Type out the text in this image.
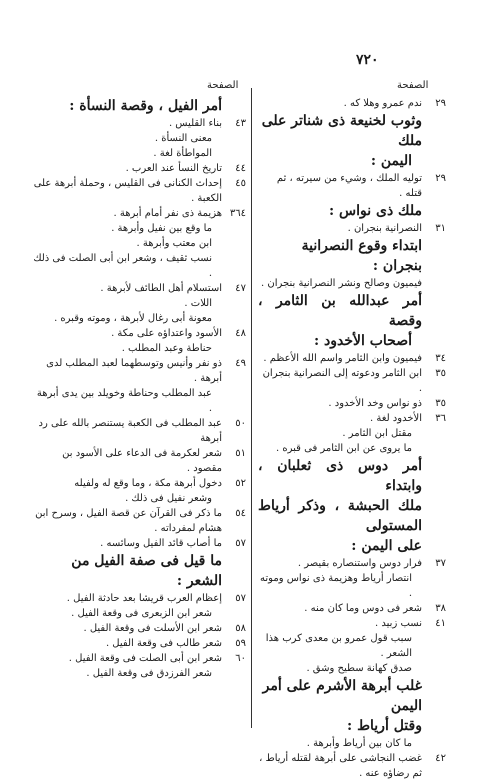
٧٢٠
الصفحة
الصفحة
٢٩
ندم عمرو وهلا كه .
وثوب لخنيعة ذى شناتر على ملك
اليمن :
٢٩
توليه الملك ، وشيء من سيرته ، ثم قتله .
ملك ذى نواس :
٣١
النصرانية بنجران .
ابتداء وقوع النصرانية بنجران :
فيميون وصالح ونشر النصرانية بنجران .
أمر عبدالله بن الثامر ، وقصة
أصحاب الأخدود :
٣٤
فيميون وابن الثامر واسم الله الأعظم .
٣٥
ابن الثامر ودعوته إلى النصرانية بنجران .
٣٥
ذو نواس وخد الأخدود .
٣٦
الأخدود لغة .
مقتل ابن الثامر .
ما يروى عن ابن الثامر فى قبره .
أمر دوس ذى ثعلبان ، وابتداء
ملك الحبشة ، وذكر أرياط المستولى
على اليمن :
٣٧
فرار دوس واستنصاره بقيصر .
انتصار أرياط وهزيمة ذى نواس وموته .
٣٨
شعر فى دوس وما كان منه .
٤١
نسب زبيد .
سبب قول عمرو بن معدى كرب هذا الشعر .
صدق كهانة سطيح وشق .
غلب أبرهة الأشرم على أمر اليمن
وقتل أرياط :
ما كان بين أرياط وأبرهة .
٤٢
غضب النجاشى على أبرهة لقتله أرياط ، ثم رضاؤه عنه .
أمر الفيل ، وقصة النسأة :
٤٣
بناء القليس .
معنى النسأة .
المواطأة لغة .
٤٤
تاريخ النسأ عند العرب .
٤٥
إحداث الكنانى فى القليس ، وحملة أبرهة على الكعبة .
٣٦٤
هزيمة ذى نفر أمام أبرهة .
ما وقع بين نفيل وأبرهة .
ابن معتب وأبرهة .
نسب ثقيف ، وشعر ابن أبى الصلت فى ذلك .
٤٧
استسلام أهل الطائف لأبرهة .
اللات .
معونة أبى رغال لأبرهة ، وموته وقبره .
٤٨
الأسود واعتداؤه على مكة .
حناطة وعبد المطلب .
٤٩
ذو نفر وأنيس وتوسطهما لعبد المطلب لدى أبرهة .
عبد المطلب وحناطة وخويلد بين يدى أبرهة .
٥٠
عبد المطلب فى الكعبة يستنصر بالله على رد أبرهة
٥١
شعر لعكرمة فى الدعاء على الأسود بن مقصود .
٥٢
دخول أبرهة مكة ، وما وقع له ولفيله
وشعر نفيل فى ذلك .
٥٤
ما ذكر فى القرآن عن قصة الفيل ، وسرح ابن هشام لمفرداته .
٥٧
ما أصاب قائد الفيل وسائسه .
ما قيل فى صفة الفيل من الشعر :
٥٧
إعظام العرب قريشا بعد حادثة الفيل .
شعر ابن الزبعرى فى وقعة الفيل .
٥٨
شعر ابن الأسلت فى وقعة الفيل .
٥٩
شعر طالب فى وقعة الفيل .
٦٠
شعر ابن أبى الصلت فى وقعة الفيل .
شعر الفرزدق فى وقعة الفيل .
